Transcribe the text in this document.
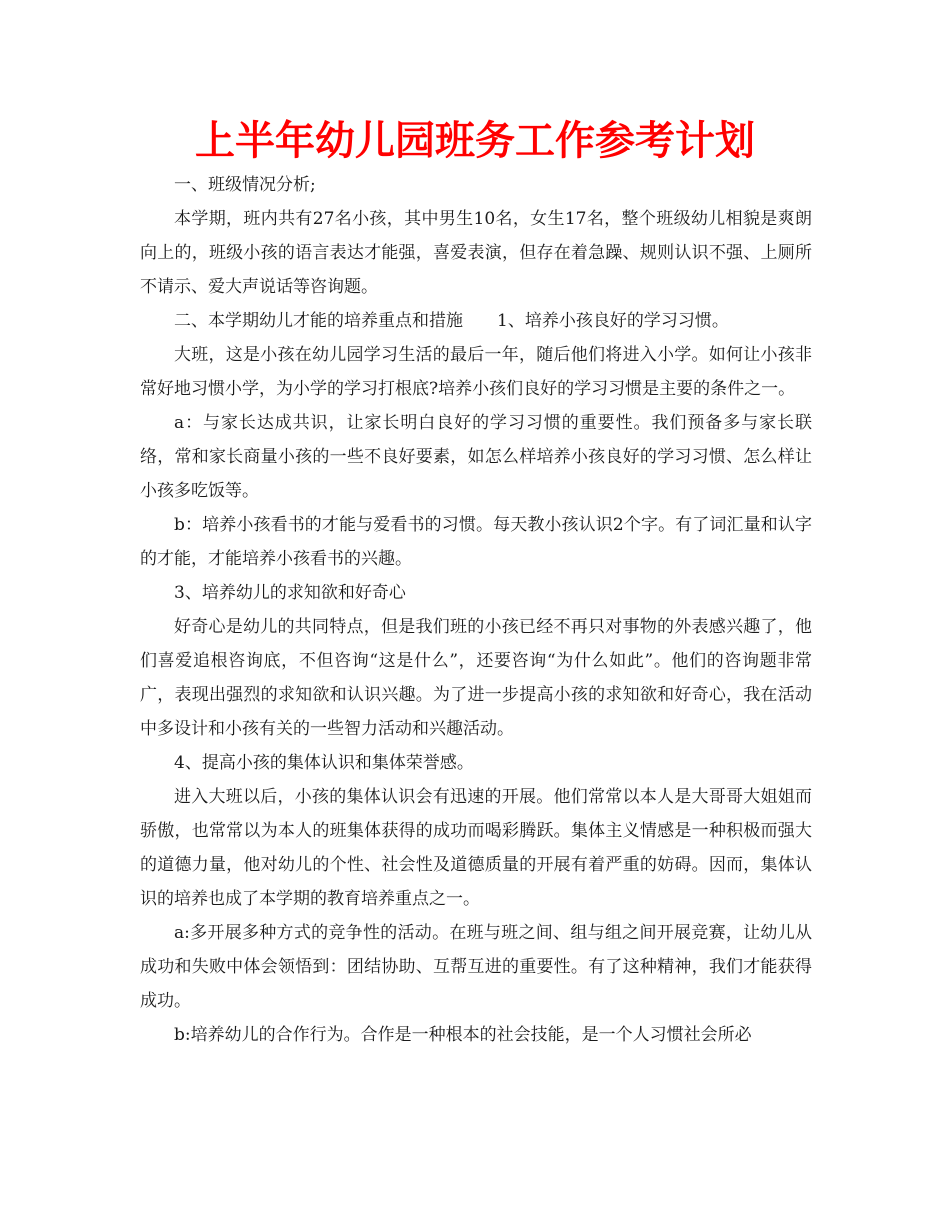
上半年幼儿园班务工作参考计划

一、班级情况分析;

本学期，班内共有27名小孩，其中男生10名，女生17名，整个班级幼儿相貌是爽朗向上的，班级小孩的语言表达才能强，喜爱表演，但存在着急躁、规则认识不强、上厕所不请示、爱大声说话等咨询题。

二、本学期幼儿才能的培养重点和措施　　1、培养小孩良好的学习习惯。

大班，这是小孩在幼儿园学习生活的最后一年，随后他们将进入小学。如何让小孩非常好地习惯小学，为小学的学习打根底?培养小孩们良好的学习习惯是主要的条件之一。

a：与家长达成共识，让家长明白良好的学习习惯的重要性。我们预备多与家长联络，常和家长商量小孩的一些不良好要素，如怎么样培养小孩良好的学习习惯、怎么样让小孩多吃饭等。

b：培养小孩看书的才能与爱看书的习惯。每天教小孩认识2个字。有了词汇量和认字的才能，才能培养小孩看书的兴趣。

3、培养幼儿的求知欲和好奇心

好奇心是幼儿的共同特点，但是我们班的小孩已经不再只对事物的外表感兴趣了，他们喜爱追根咨询底，不但咨询“这是什么”，还要咨询“为什么如此”。他们的咨询题非常广，表现出强烈的求知欲和认识兴趣。为了进一步提高小孩的求知欲和好奇心，我在活动中多设计和小孩有关的一些智力活动和兴趣活动。

4、提高小孩的集体认识和集体荣誉感。

进入大班以后，小孩的集体认识会有迅速的开展。他们常常以本人是大哥哥大姐姐而骄傲，也常常以为本人的班集体获得的成功而喝彩腾跃。集体主义情感是一种积极而强大的道德力量，他对幼儿的个性、社会性及道德质量的开展有着严重的妨碍。因而，集体认识的培养也成了本学期的教育培养重点之一。

a:多开展多种方式的竞争性的活动。在班与班之间、组与组之间开展竞赛，让幼儿从成功和失败中体会领悟到：团结协助、互帮互进的重要性。有了这种精神，我们才能获得成功。

b:培养幼儿的合作行为。合作是一种根本的社会技能，是一个人习惯社会所必
